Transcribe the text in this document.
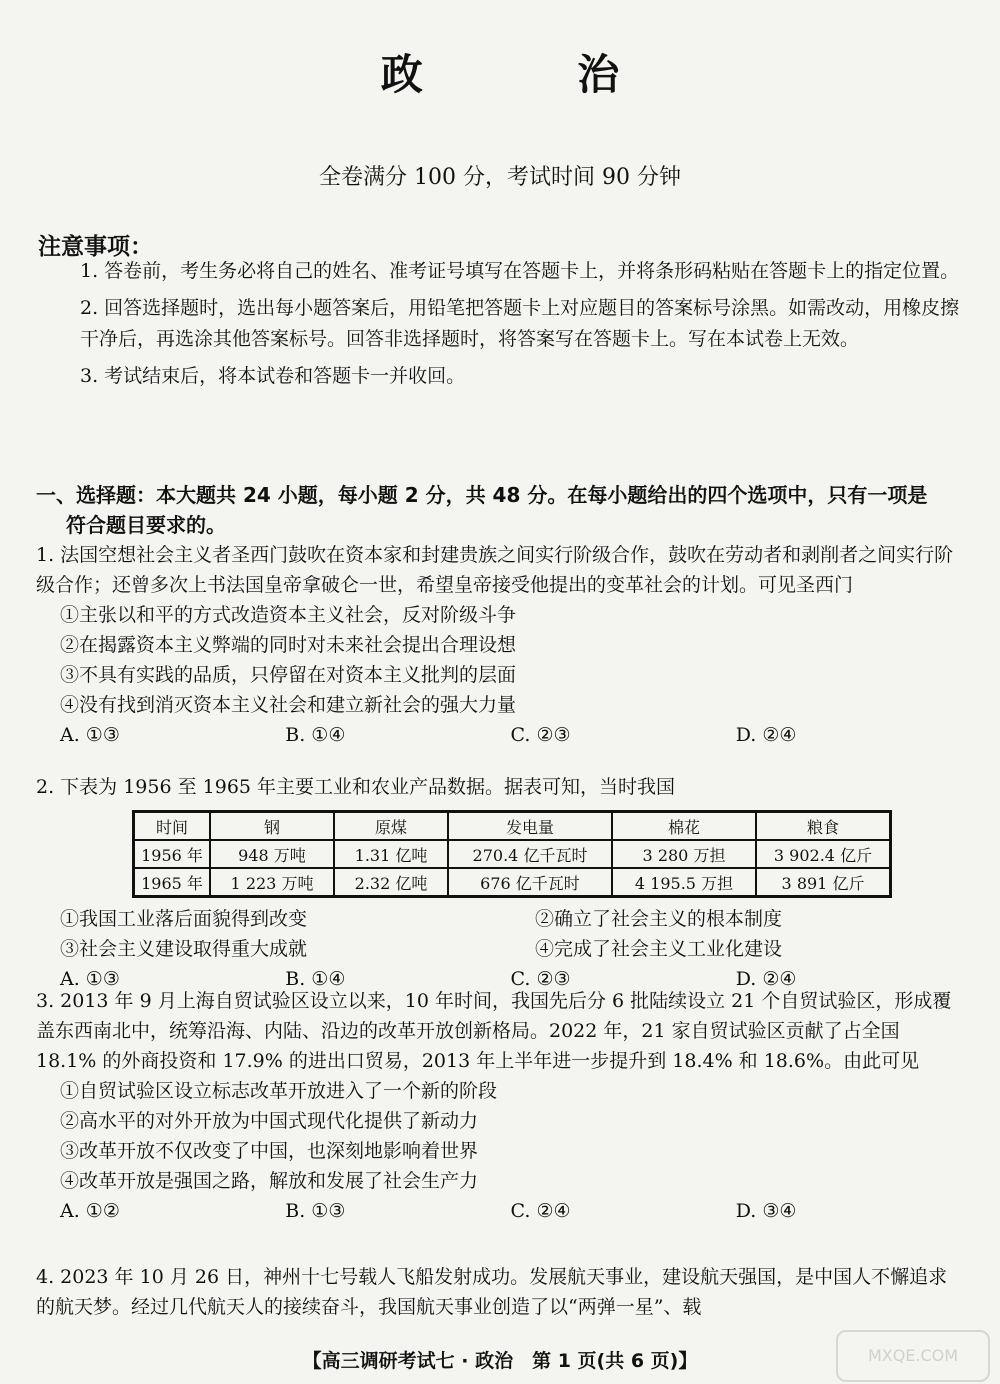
政 治
全卷满分 100 分，考试时间 90 分钟
注意事项：
1. 答卷前，考生务必将自己的姓名、准考证号填写在答题卡上，并将条形码粘贴在答题卡上的指定位置。
2. 回答选择题时，选出每小题答案后，用铅笔把答题卡上对应题目的答案标号涂黑。如需改动，用橡皮擦干净后，再选涂其他答案标号。回答非选择题时，将答案写在答题卡上。写在本试卷上无效。
3. 考试结束后，将本试卷和答题卡一并收回。
一、选择题：本大题共 24 小题，每小题 2 分，共 48 分。在每小题给出的四个选项中，只有一项是
符合题目要求的。
1. 法国空想社会主义者圣西门鼓吹在资本家和封建贵族之间实行阶级合作，鼓吹在劳动者和剥削者之间实行阶级合作；还曾多次上书法国皇帝拿破仑一世，希望皇帝接受他提出的变革社会的计划。可见圣西门
①主张以和平的方式改造资本主义社会，反对阶级斗争
②在揭露资本主义弊端的同时对未来社会提出合理设想
③不具有实践的品质，只停留在对资本主义批判的层面
④没有找到消灭资本主义社会和建立新社会的强大力量
A. ①③	B. ①④	C. ②③	D. ②④
2. 下表为 1956 至 1965 年主要工业和农业产品数据。据表可知，当时我国
时间	钢	原煤	发电量	棉花	粮食
1956 年	948 万吨	1.31 亿吨	270.4 亿千瓦时	3 280 万担	3 902.4 亿斤
1965 年	1 223 万吨	2.32 亿吨	676 亿千瓦时	4 195.5 万担	3 891 亿斤
①我国工业落后面貌得到改变	②确立了社会主义的根本制度
③社会主义建设取得重大成就	④完成了社会主义工业化建设
A. ①③	B. ①④	C. ②③	D. ②④
3. 2013 年 9 月上海自贸试验区设立以来，10 年时间，我国先后分 6 批陆续设立 21 个自贸试验区，形成覆盖东西南北中，统筹沿海、内陆、沿边的改革开放创新格局。2022 年，21 家自贸试验区贡献了占全国 18.1% 的外商投资和 17.9% 的进出口贸易，2013 年上半年进一步提升到 18.4% 和 18.6%。由此可见
①自贸试验区设立标志改革开放进入了一个新的阶段
②高水平的对外开放为中国式现代化提供了新动力
③改革开放不仅改变了中国，也深刻地影响着世界
④改革开放是强国之路，解放和发展了社会生产力
A. ①②	B. ①③	C. ②④	D. ③④
4. 2023 年 10 月 26 日，神州十七号载人飞船发射成功。发展航天事业，建设航天强国，是中国人不懈追求的航天梦。经过几代航天人的接续奋斗，我国航天事业创造了以“两弹一星”、载
【高三调研考试七 · 政治　第 1 页(共 6 页)】	MXQE.COM
